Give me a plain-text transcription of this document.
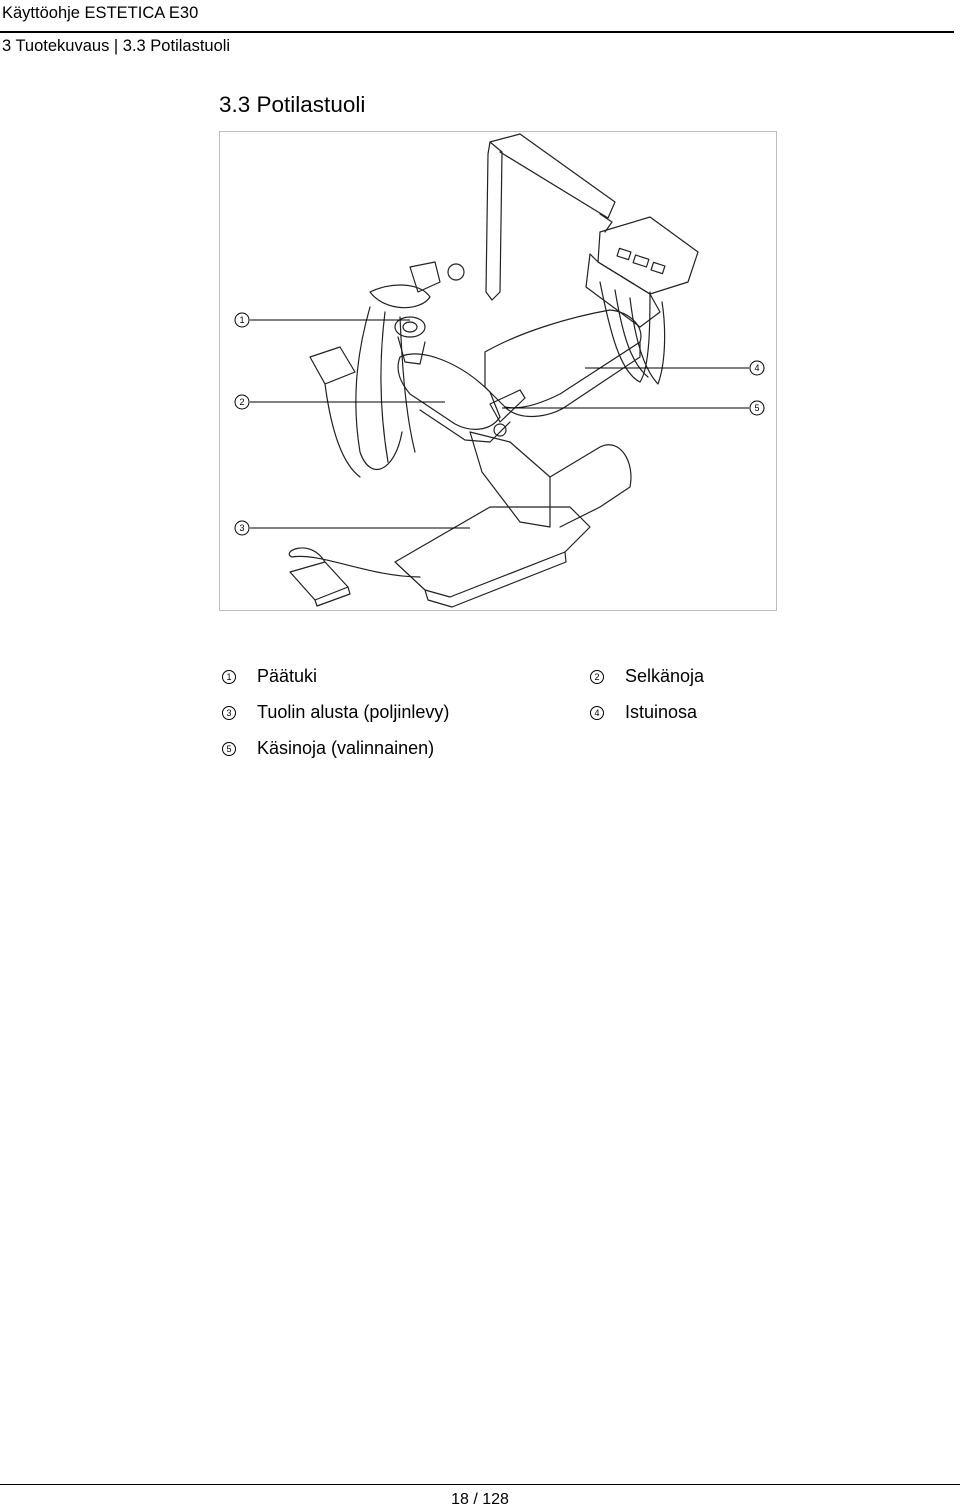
Käyttöohje ESTETICA E30
3 Tuotekuvaus | 3.3 Potilastuoli
3.3 Potilastuoli
1
2
3
4
5
1 Päätuki	2 Selkänoja
3 Tuolin alusta (poljinlevy)	4 Istuinosa
5 Käsinoja (valinnainen)
18 / 128
